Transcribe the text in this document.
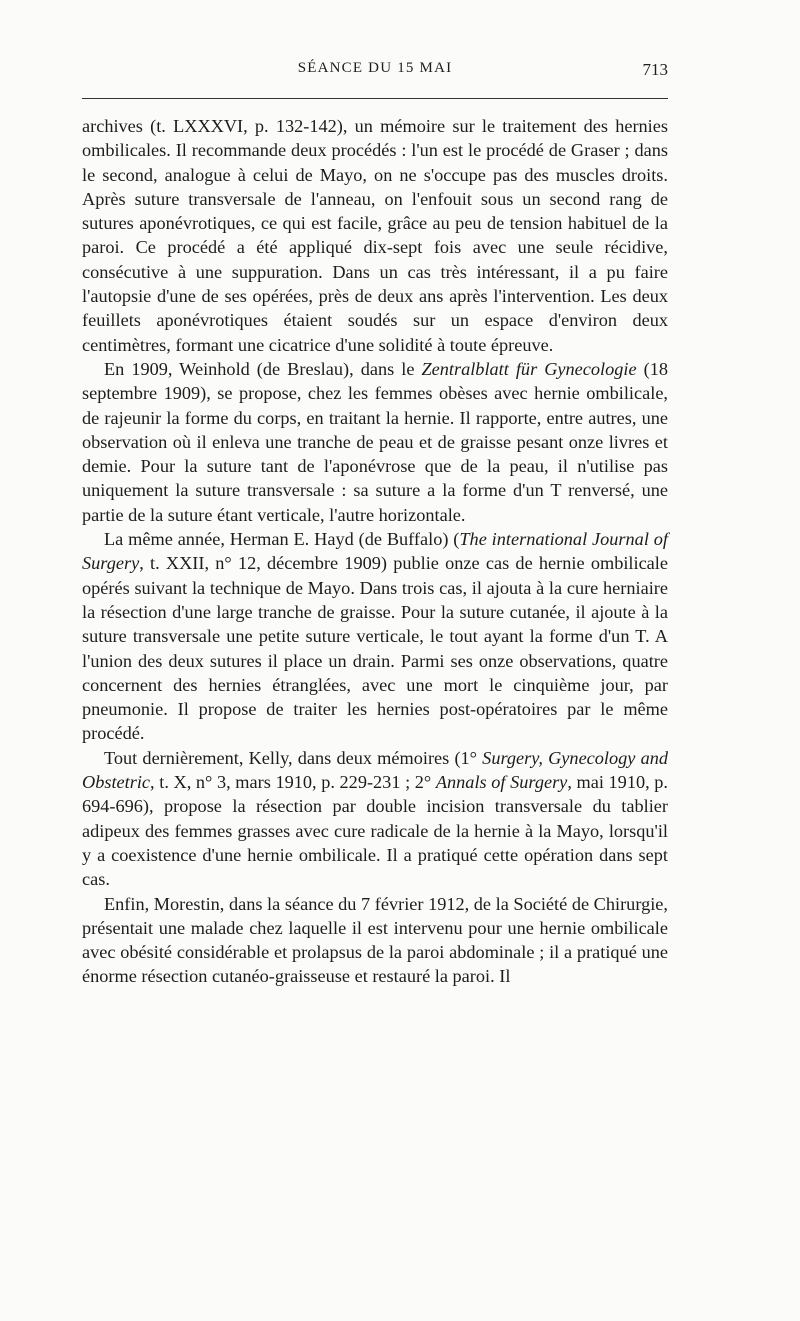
SÉANCE DU 15 MAI	713

archives (t. LXXXVI, p. 132-142), un mémoire sur le traitement des hernies ombilicales. Il recommande deux procédés : l'un est le procédé de Graser ; dans le second, analogue à celui de Mayo, on ne s'occupe pas des muscles droits. Après suture transversale de l'anneau, on l'enfouit sous un second rang de sutures aponévrotiques, ce qui est facile, grâce au peu de tension habituel de la paroi. Ce procédé a été appliqué dix-sept fois avec une seule récidive, consécutive à une suppuration. Dans un cas très intéressant, il a pu faire l'autopsie d'une de ses opérées, près de deux ans après l'intervention. Les deux feuillets aponévrotiques étaient soudés sur un espace d'environ deux centimètres, formant une cicatrice d'une solidité à toute épreuve.

En 1909, Weinhold (de Breslau), dans le Zentralblatt für Gynecologie (18 septembre 1909), se propose, chez les femmes obèses avec hernie ombilicale, de rajeunir la forme du corps, en traitant la hernie. Il rapporte, entre autres, une observation où il enleva une tranche de peau et de graisse pesant onze livres et demie. Pour la suture tant de l'aponévrose que de la peau, il n'utilise pas uniquement la suture transversale : sa suture a la forme d'un T renversé, une partie de la suture étant verticale, l'autre horizontale.

La même année, Herman E. Hayd (de Buffalo) (The international Journal of Surgery, t. XXII, n° 12, décembre 1909) publie onze cas de hernie ombilicale opérés suivant la technique de Mayo. Dans trois cas, il ajouta à la cure herniaire la résection d'une large tranche de graisse. Pour la suture cutanée, il ajoute à la suture transversale une petite suture verticale, le tout ayant la forme d'un T. A l'union des deux sutures il place un drain. Parmi ses onze observations, quatre concernent des hernies étranglées, avec une mort le cinquième jour, par pneumonie. Il propose de traiter les hernies post-opératoires par le même procédé.

Tout dernièrement, Kelly, dans deux mémoires (1° Surgery, Gynecology and Obstetric, t. X, n° 3, mars 1910, p. 229-231 ; 2° Annals of Surgery, mai 1910, p. 694-696), propose la résection par double incision transversale du tablier adipeux des femmes grasses avec cure radicale de la hernie à la Mayo, lorsqu'il y a coexistence d'une hernie ombilicale. Il a pratiqué cette opération dans sept cas.

Enfin, Morestin, dans la séance du 7 février 1912, de la Société de Chirurgie, présentait une malade chez laquelle il est intervenu pour une hernie ombilicale avec obésité considérable et prolapsus de la paroi abdominale ; il a pratiqué une énorme résection cutanéo-graisseuse et restauré la paroi. Il
